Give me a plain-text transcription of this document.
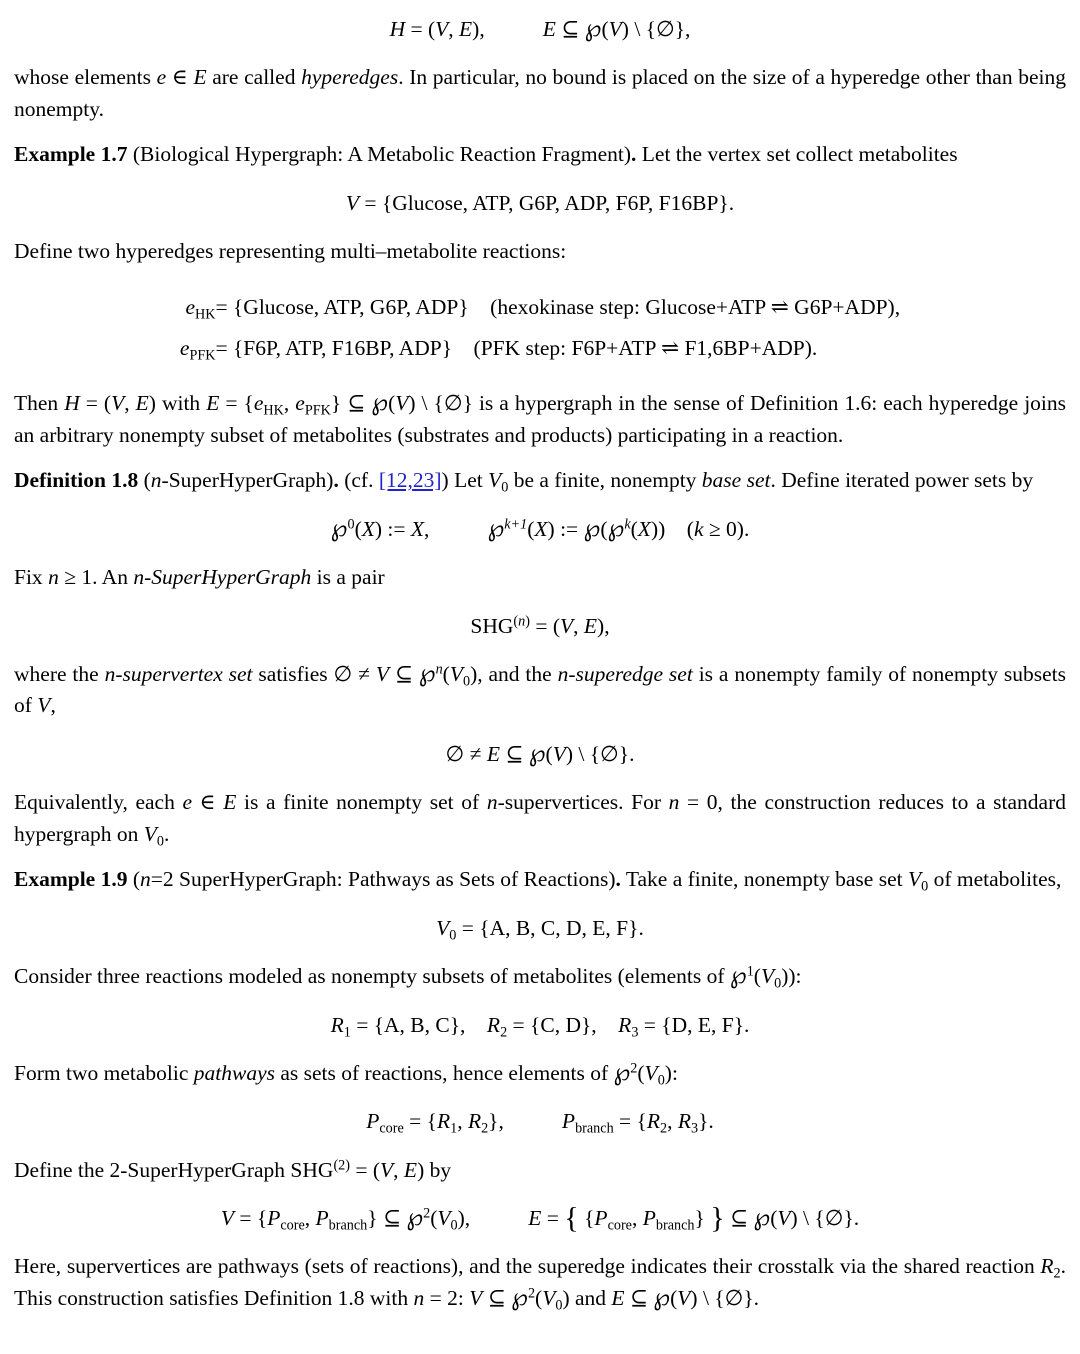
H = (V, E),	E ⊆ ℘(V) \ {∅},

whose elements e ∈ E are called hyperedges. In particular, no bound is placed on the size of a hyperedge other than being nonempty.

Example 1.7 (Biological Hypergraph: A Metabolic Reaction Fragment). Let the vertex set collect metabolites

V = {Glucose, ATP, G6P, ADP, F6P, F16BP}.

Define two hyperedges representing multi–metabolite reactions:

eHK	= {Glucose, ATP, G6P, ADP} (hexokinase step: Glucose+ATP ⇌ G6P+ADP),
ePFK	= {F6P, ATP, F16BP, ADP} (PFK step: F6P+ATP ⇌ F1,6BP+ADP).

Then H = (V, E) with E = {eHK, ePFK} ⊆ ℘(V) \ {∅} is a hypergraph in the sense of Definition 1.6: each hyperedge joins an arbitrary nonempty subset of metabolites (substrates and products) participating in a reaction.

Definition 1.8 (n-SuperHyperGraph). (cf. [12,23]) Let V0 be a finite, nonempty base set. Define iterated power sets by

℘$^0$(X) := X, ℘$^{k+1}$(X) := ℘(℘$^k$(X)) (k ≥ 0).

Fix n ≥ 1. An n-SuperHyperGraph is a pair

$SHG^{(n)} = (V$, E),

where the n-supervertex set satisfies ∅ ≠ V ⊆ ℘$^n$(V0), and the n-superedge set is a nonempty family of nonempty subsets of V,

∅ ≠ E ⊆ ℘(V) \ {∅}.

Equivalently, each e ∈ E is a finite nonempty set of n-supervertices. For n = 0, the construction reduces to a standard hypergraph on V0.

Example 1.9 (n=2 SuperHyperGraph: Pathways as Sets of Reactions). Take a finite, nonempty base set V0 of metabolites,

V0 = {A, B, C, D, E, F}.

Consider three reactions modeled as nonempty subsets of metabolites (elements of ℘$^1$(V0)):

R1 = {A, B, C}, R2 = {C, D}, R3 = {D, E, F}.

Form two metabolic pathways as sets of reactions, hence elements of ℘$^2$(V0):

Pcore = {R1, R2},	Pbranch = {R2, R3}.

Define the 2-SuperHyperGraph $SHG^{(2)} = (V$, E) by

V = {Pcore, Pbranch} ⊆ ℘$^2$(V0),	E = { {Pcore, Pbranch} } ⊆ ℘(V) \ {∅}.

Here, supervertices are pathways (sets of reactions), and the superedge indicates their crosstalk via the shared reaction R2. This construction satisfies Definition 1.8 with n = 2: V ⊆ ℘$^2$(V0) and E ⊆ ℘(V) \ {∅}.
